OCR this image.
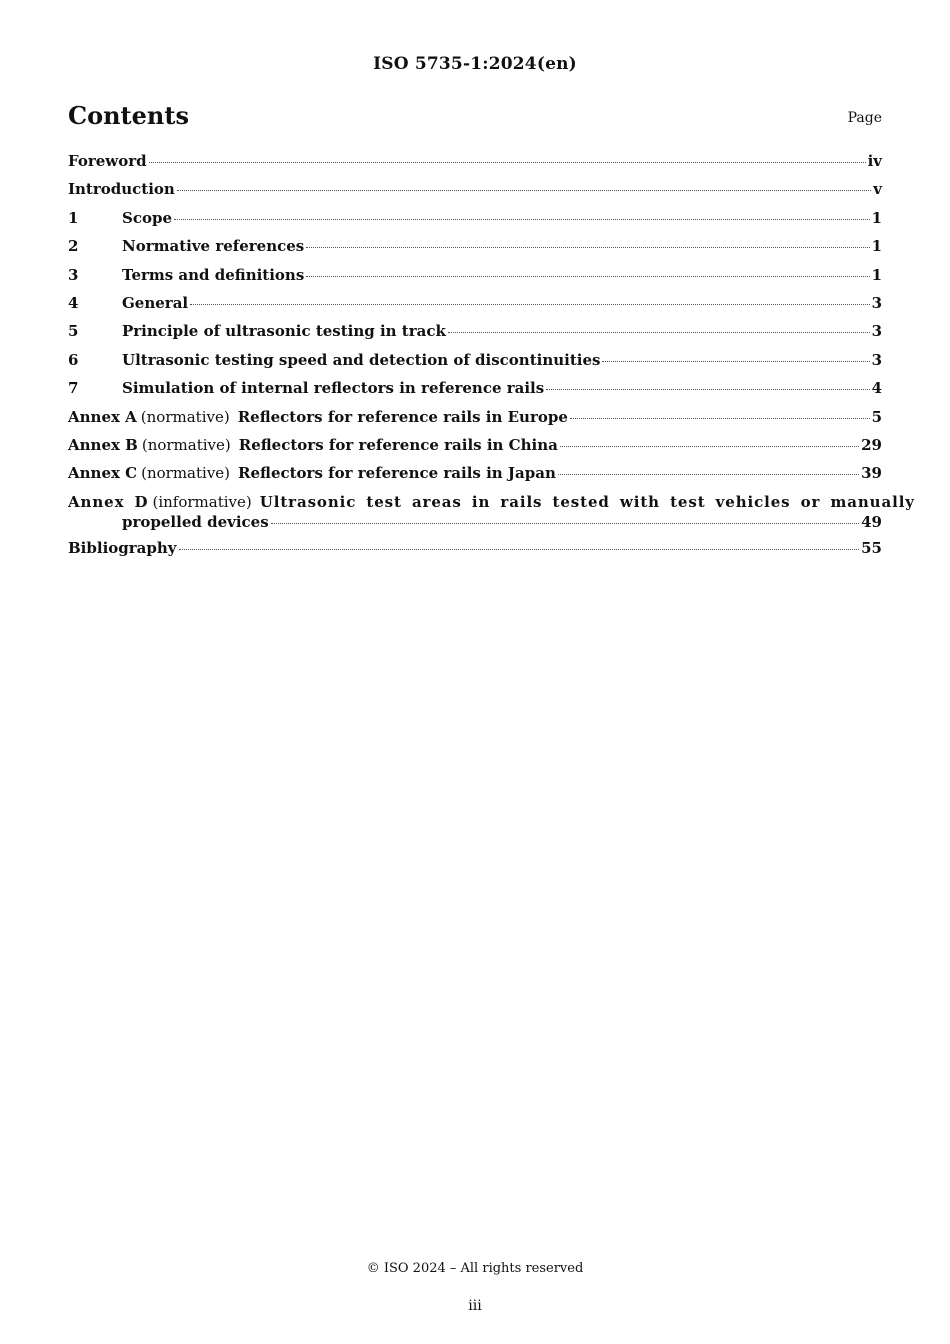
ISO 5735-1:2024(en)
Contents	Page
Foreword	iv
Introduction	v
1	Scope	1
2	Normative references	1
3	Terms and definitions	1
4	General	3
5	Principle of ultrasonic testing in track	3
6	Ultrasonic testing speed and detection of discontinuities	3
7	Simulation of internal reflectors in reference rails	4
Annex A (normative) Reflectors for reference rails in Europe	5
Annex B (normative) Reflectors for reference rails in China	29
Annex C (normative) Reflectors for reference rails in Japan	39
Annex D (informative) Ultrasonic test areas in rails tested with test vehicles or manually
propelled devices	49
Bibliography	55
© ISO 2024 – All rights reserved
iii
